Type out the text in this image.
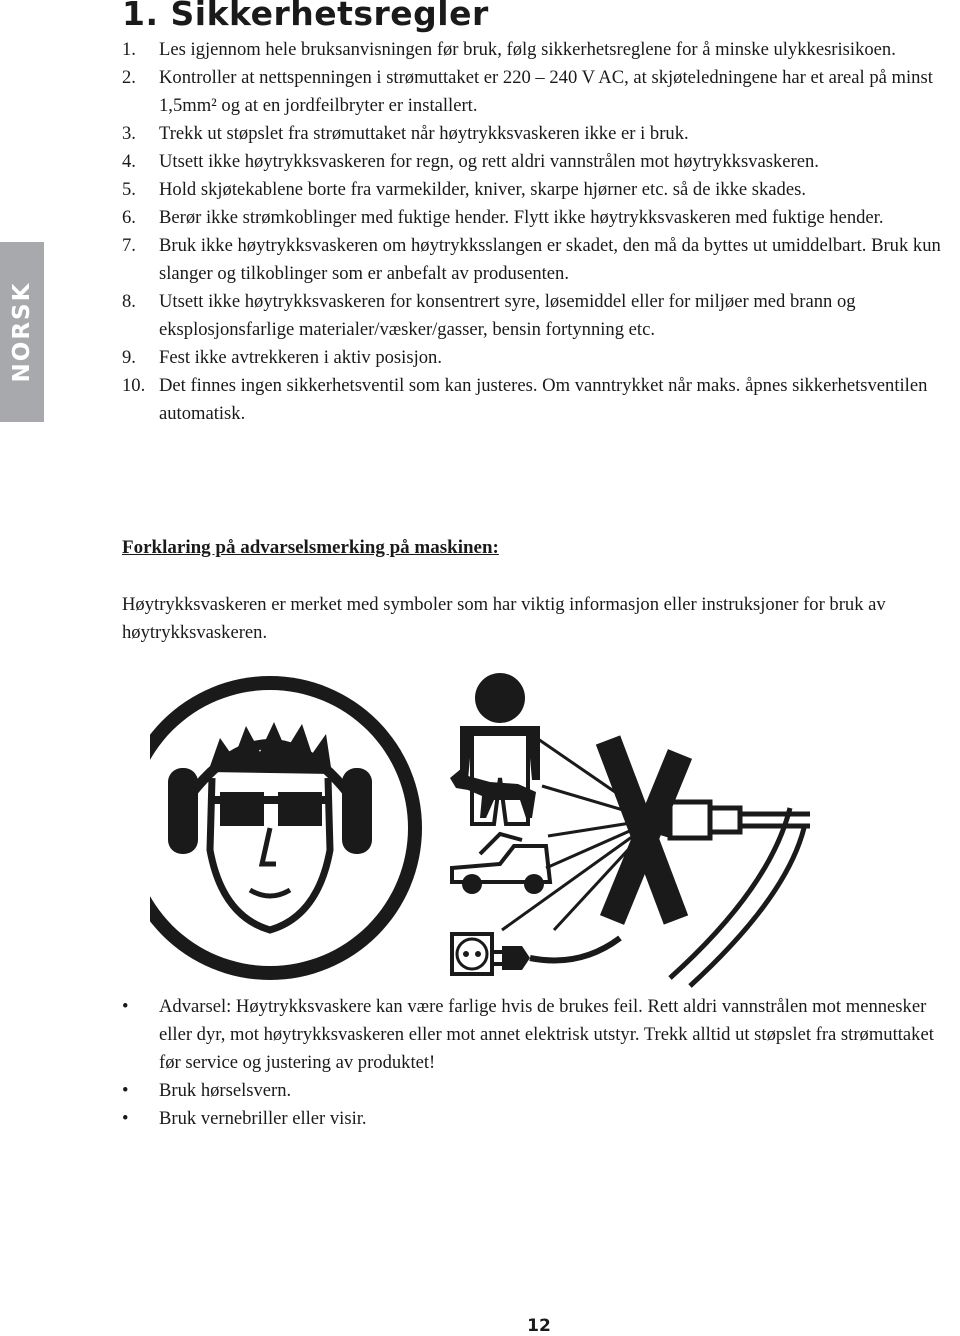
NORSK
1. Sikkerhetsregler
1. Les igjennom hele bruksanvisningen før bruk, følg sikkerhetsreglene for å minske ulykkesrisikoen.
2. Kontroller at nettspenningen i strømuttaket er 220 – 240 V AC, at skjøteledningene har et areal på minst 1,5mm² og at en jordfeilbryter er installert.
3. Trekk ut støpslet fra strømuttaket når høytrykksvaskeren ikke er i bruk.
4. Utsett ikke høytrykksvaskeren for regn, og rett aldri vannstrålen mot høytrykksvaskeren.
5. Hold skjøtekablene borte fra varmekilder, kniver, skarpe hjørner etc. så de ikke skades.
6. Berør ikke strømkoblinger med fuktige hender. Flytt ikke høytrykksvaskeren med fuktige hender.
7. Bruk ikke høytrykksvaskeren om høytrykksslangen er skadet, den må da byttes ut umiddelbart. Bruk kun slanger og tilkoblinger som er anbefalt av produsenten.
8. Utsett ikke høytrykksvaskeren for konsentrert syre, løsemiddel eller for miljøer med brann og eksplosjonsfarlige materialer/væsker/gasser, bensin fortynning etc.
9. Fest ikke avtrekkeren i aktiv posisjon.
10. Det finnes ingen sikkerhetsventil som kan justeres. Om vanntrykket når maks. åpnes sikkerhetsventilen automatisk.
Forklaring på advarselsmerking på maskinen:

Høytrykksvaskeren er merket med symboler som har viktig informasjon eller instruksjoner for bruk av høytrykksvaskeren.

• Advarsel: Høytrykksvaskere kan være farlige hvis de brukes feil. Rett aldri vannstrålen mot mennesker eller dyr, mot høytrykksvaskeren eller mot annet elektrisk utstyr. Trekk alltid ut støpslet fra strømuttaket før service og justering av produktet!
• Bruk hørselsvern.
• Bruk vernebriller eller visir.
12
